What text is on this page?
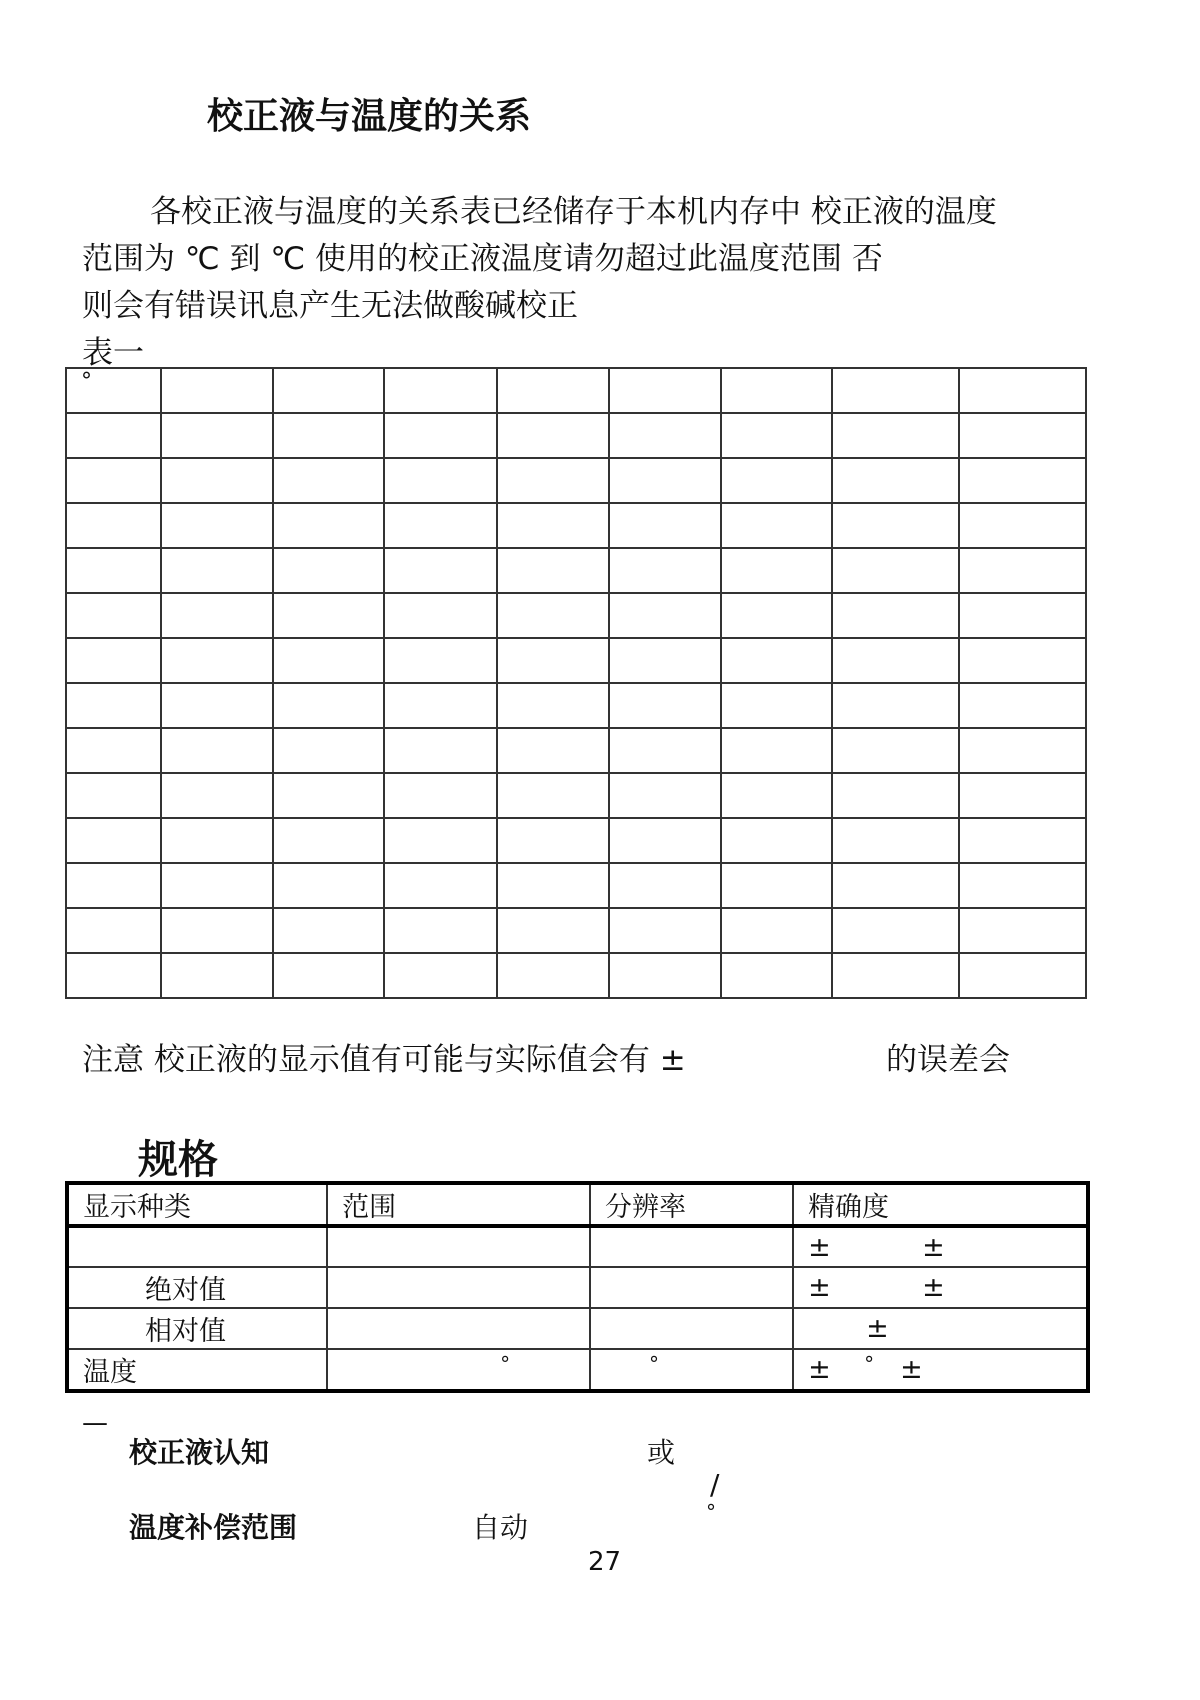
校正液与温度的关系
各校正液与温度的关系表已经储存于本机内存中 校正液的温度
范围为 ℃ 到 ℃ 使用的校正液温度请勿超过此温度范围 否
则会有错误讯息产生无法做酸碱校正
表一
°								

注意 校正液的显示值有可能与实际值会有 ±	的误差会
规格
显示种类	范围	分辨率	精确度
			± ±

绝对值			± ±

相对值			±
温度	°	°	± ° ±
—
校正液认知	或
/
温度补偿范围	自动	°
27
